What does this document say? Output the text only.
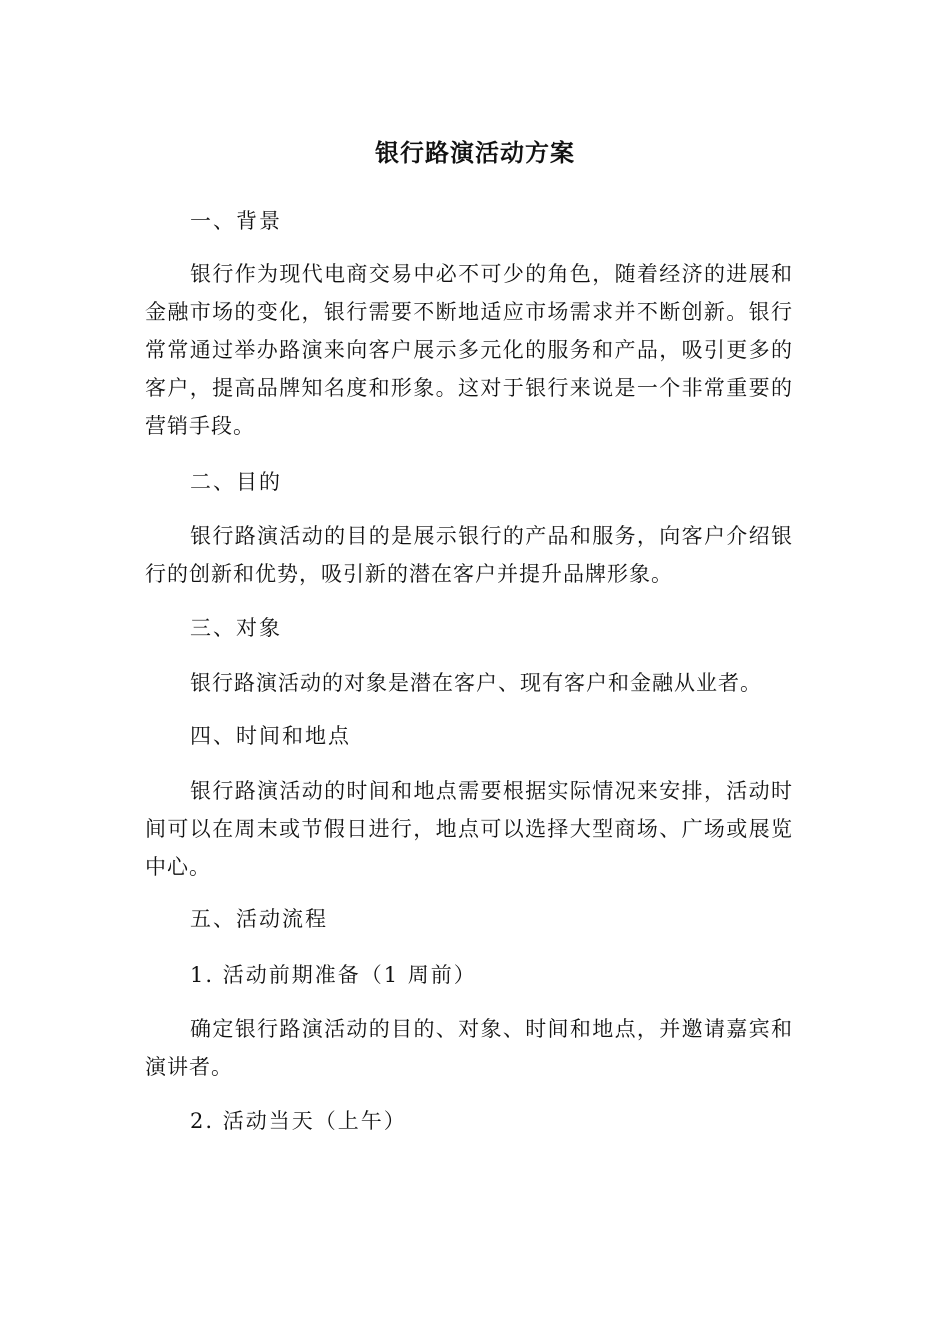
银行路演活动方案
一、背景
银行作为现代电商交易中必不可少的角色，随着经济的进展和金融市场的变化，银行需要不断地适应市场需求并不断创新。银行常常通过举办路演来向客户展示多元化的服务和产品，吸引更多的客户，提高品牌知名度和形象。这对于银行来说是一个非常重要的营销手段。
二、目的
银行路演活动的目的是展示银行的产品和服务，向客户介绍银行的创新和优势，吸引新的潜在客户并提升品牌形象。
三、对象
银行路演活动的对象是潜在客户、现有客户和金融从业者。
四、时间和地点
银行路演活动的时间和地点需要根据实际情况来安排，活动时间可以在周末或节假日进行，地点可以选择大型商场、广场或展览中心。
五、活动流程
1. 活动前期准备（1 周前）
确定银行路演活动的目的、对象、时间和地点，并邀请嘉宾和演讲者。
2. 活动当天（上午）
